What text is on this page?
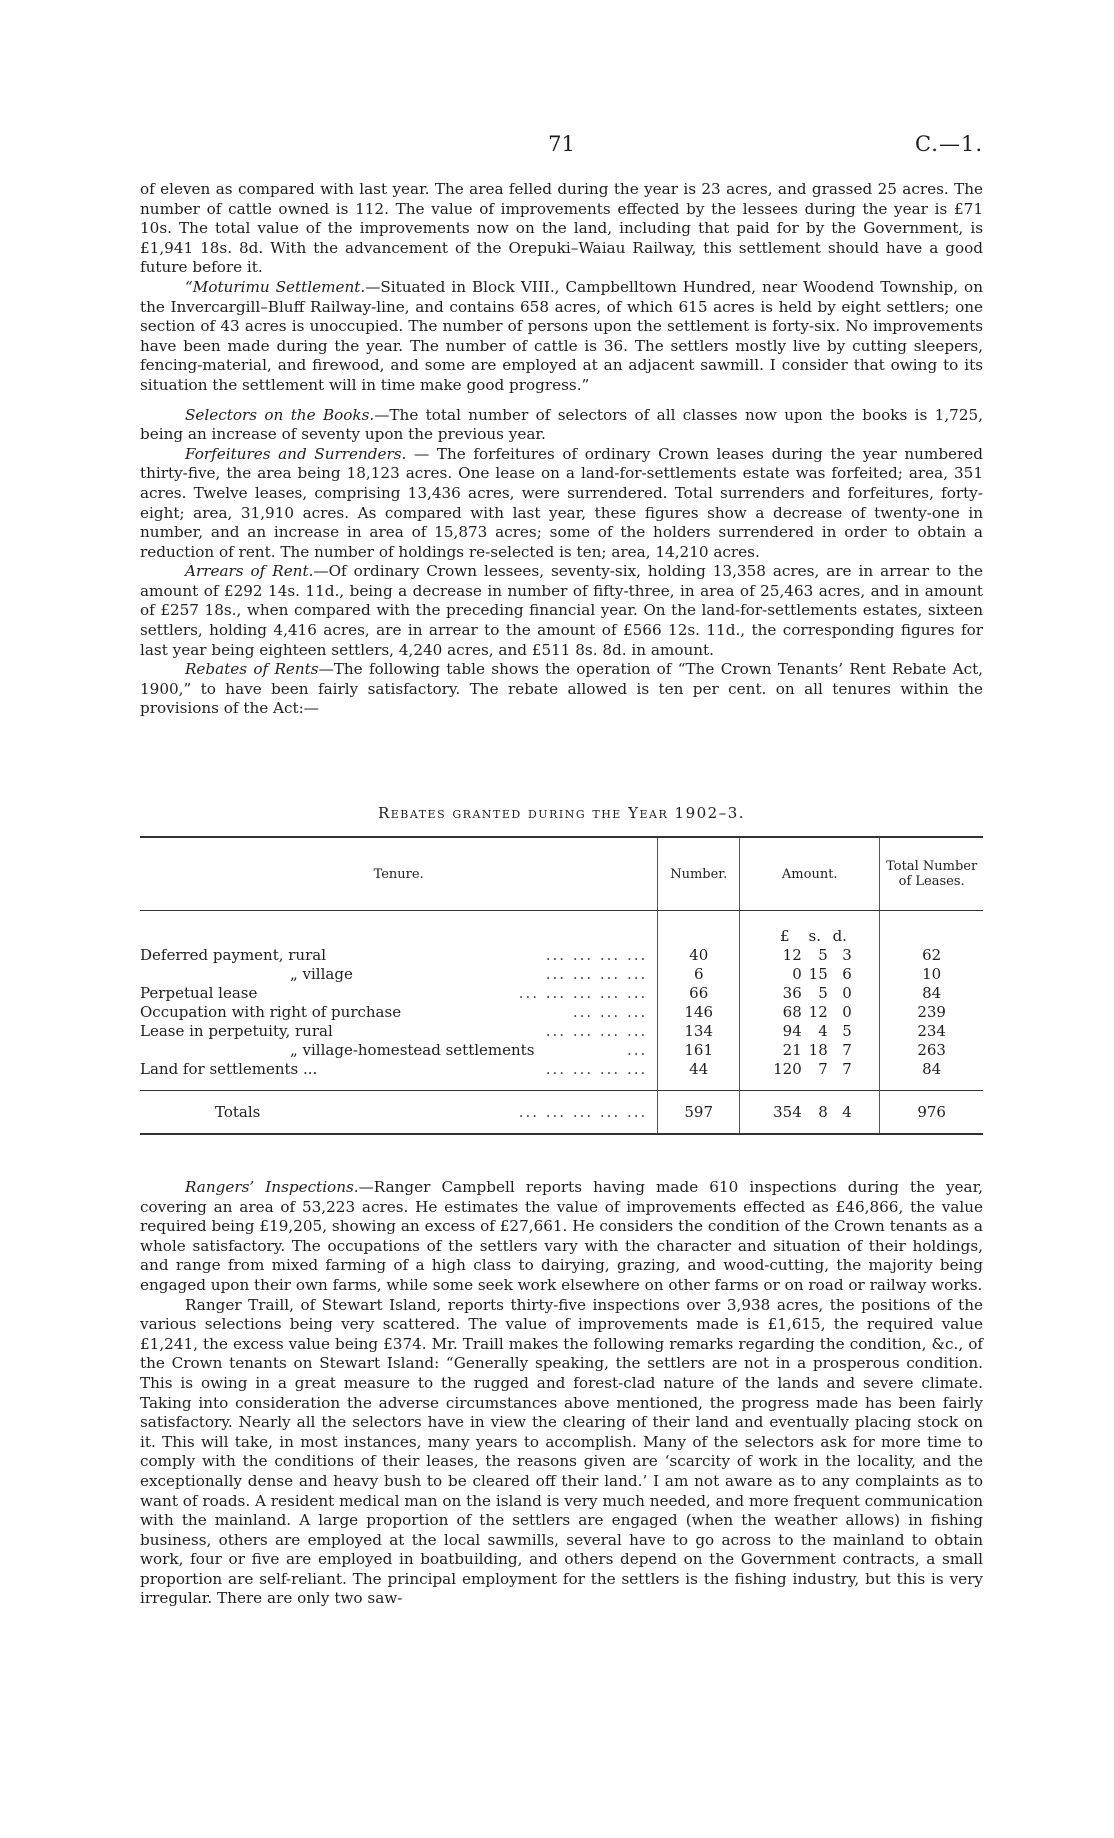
71	C.—1.

of eleven as compared with last year. The area felled during the year is 23 acres, and grassed 25 acres. The number of cattle owned is 112. The value of improvements effected by the lessees during the year is £71 10s. The total value of the improvements now on the land, including that paid for by the Government, is £1,941 18s. 8d. With the advancement of the Orepuki–Waiau Railway, this settlement should have a good future before it.

“Moturimu Settlement.—Situated in Block VIII., Campbelltown Hundred, near Woodend Township, on the Invercargill–Bluff Railway-line, and contains 658 acres, of which 615 acres is held by eight settlers; one section of 43 acres is unoccupied. The number of persons upon the settlement is forty-six. No improvements have been made during the year. The number of cattle is 36. The settlers mostly live by cutting sleepers, fencing-material, and firewood, and some are employed at an adjacent sawmill. I consider that owing to its situation the settlement will in time make good progress.”

Selectors on the Books.—The total number of selectors of all classes now upon the books is 1,725, being an increase of seventy upon the previous year.

Forfeitures and Surrenders. — The forfeitures of ordinary Crown leases during the year numbered thirty-five, the area being 18,123 acres. One lease on a land-for-settlements estate was forfeited; area, 351 acres. Twelve leases, comprising 13,436 acres, were surrendered. Total surrenders and forfeitures, forty-eight; area, 31,910 acres. As compared with last year, these figures show a decrease of twenty-one in number, and an increase in area of 15,873 acres; some of the holders surrendered in order to obtain a reduction of rent. The number of holdings re-selected is ten; area, 14,210 acres.

Arrears of Rent.—Of ordinary Crown lessees, seventy-six, holding 13,358 acres, are in arrear to the amount of £292 14s. 11d., being a decrease in number of fifty-three, in area of 25,463 acres, and in amount of £257 18s., when compared with the preceding financial year. On the land-for-settlements estates, sixteen settlers, holding 4,416 acres, are in arrear to the amount of £566 12s. 11d., the corresponding figures for last year being eighteen settlers, 4,240 acres, and £511 8s. 8d. in amount.

Rebates of Rents—The following table shows the operation of “The Crown Tenants’ Rent Rebate Act, 1900,” to have been fairly satisfactory. The rebate allowed is ten per cent. on all tenures within the provisions of the Act:—

Rebates granted during the Year 1902–3.
Tenure.	Number.	Amount.	Total Number of Leases.

		£ s. d.	

Deferred payment, rural ... ... ... ...	40	12 5 3	62

„ village ... ... ... ...	6	0 15 6	10

Perpetual lease ... ... ... ... ...	66	36 5 0	84

Occupation with right of purchase ... ... ...	146	68 12 0	239

Lease in perpetuity, rural ... ... ... ...	134	94 4 5	234

„ village-homestead settlements ...	161	21 18 7	263

Land for settlements ... ... ... ... ...	44	120 7 7	84

Totals ... ... ... ... ...	597	354 8 4	976

Rangers’ Inspections.—Ranger Campbell reports having made 610 inspections during the year, covering an area of 53,223 acres. He estimates the value of improvements effected as £46,866, the value required being £19,205, showing an excess of £27,661. He considers the condition of the Crown tenants as a whole satisfactory. The occupations of the settlers vary with the character and situation of their holdings, and range from mixed farming of a high class to dairying, grazing, and wood-cutting, the majority being engaged upon their own farms, while some seek work elsewhere on other farms or on road or railway works.

Ranger Traill, of Stewart Island, reports thirty-five inspections over 3,938 acres, the positions of the various selections being very scattered. The value of improvements made is £1,615, the required value £1,241, the excess value being £374. Mr. Traill makes the following remarks regarding the condition, &c., of the Crown tenants on Stewart Island: “Generally speaking, the settlers are not in a prosperous condition. This is owing in a great measure to the rugged and forest-clad nature of the lands and severe climate. Taking into consideration the adverse circumstances above mentioned, the progress made has been fairly satisfactory. Nearly all the selectors have in view the clearing of their land and eventually placing stock on it. This will take, in most instances, many years to accomplish. Many of the selectors ask for more time to comply with the conditions of their leases, the reasons given are ‘scarcity of work in the locality, and the exceptionally dense and heavy bush to be cleared off their land.’ I am not aware as to any complaints as to want of roads. A resident medical man on the island is very much needed, and more frequent communication with the mainland. A large proportion of the settlers are engaged (when the weather allows) in fishing business, others are employed at the local sawmills, several have to go across to the mainland to obtain work, four or five are employed in boatbuilding, and others depend on the Government contracts, a small proportion are self-reliant. The principal employment for the settlers is the fishing industry, but this is very irregular. There are only two saw-
